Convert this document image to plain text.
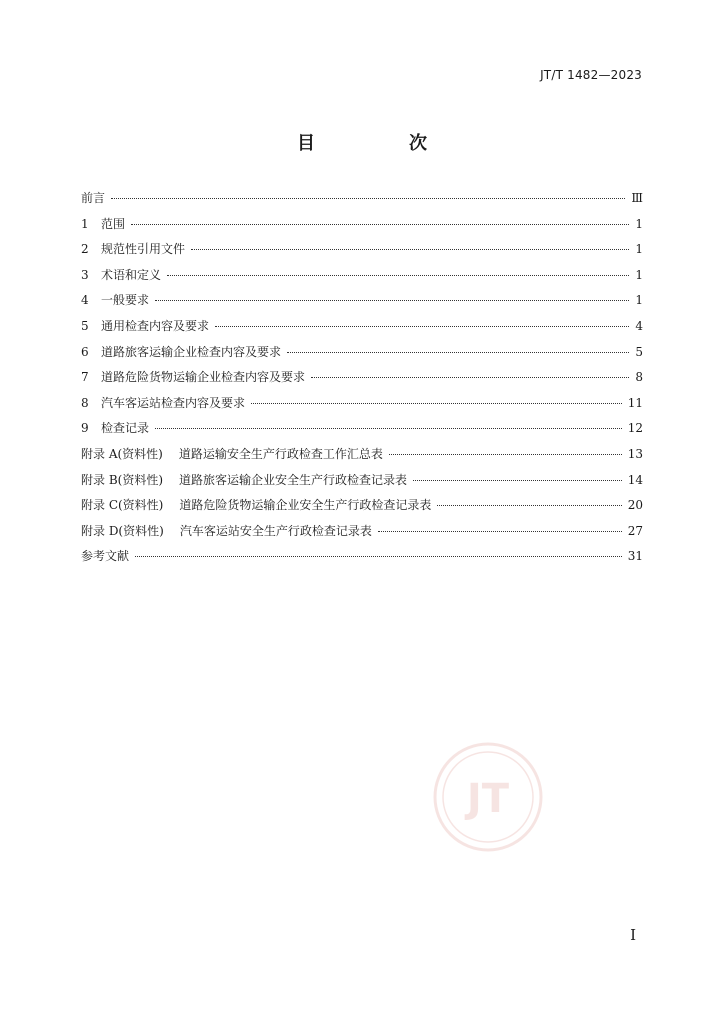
JT/T 1482—2023
目　次
前言	Ⅲ
1 范围	1
2 规范性引用文件	1
3 术语和定义	1
4 一般要求	1
5 通用检查内容及要求	4
6 道路旅客运输企业检查内容及要求	5
7 道路危险货物运输企业检查内容及要求	8
8 汽车客运站检查内容及要求	11
9 检查记录	12
附录 A(资料性) 道路运输安全生产行政检查工作汇总表	13
附录 B(资料性) 道路旅客运输企业安全生产行政检查记录表	14
附录 C(资料性) 道路危险货物运输企业安全生产行政检查记录表	20
附录 D(资料性) 汽车客运站安全生产行政检查记录表	27
参考文献	31
JT
I
